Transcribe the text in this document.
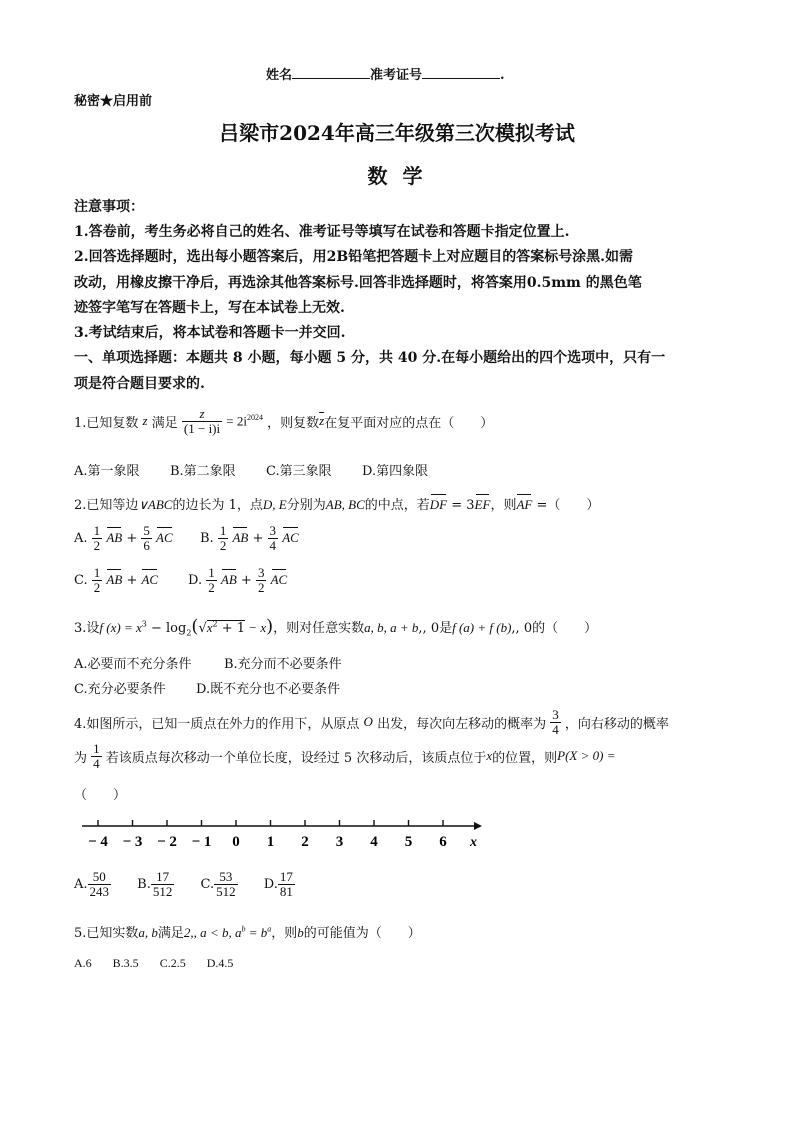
姓名	准考证号	.
秘密★启用前
吕梁市2024年高三年级第三次模拟考试
数 学
注意事项：
1.答卷前，考生务必将自己的姓名、准考证号等填写在试卷和答题卡指定位置上.
2.回答选择题时，选出每小题答案后，用2B铅笔把答题卡上对应题目的答案标号涂黑.如需
改动，用橡皮擦干净后，再选涂其他答案标号.回答非选择题时，将答案用0.5mm 的黑色笔
迹签字笔写在答题卡上，写在本试卷上无效.
3.考试结束后，将本试卷和答题卡一并交回.
一、单项选择题：本题共 8 小题，每小题 5 分，共 40 分.在每小题给出的四个选项中，只有一
项是符合题目要求的.
1.已知复数 z 满足 $\frac{z}{(1 - i)i} = 2i^{2024}$ ，则复数$\overline{z}$在复平面对应的点在（　　）
A.第一象限 B.第二象限 C.第三象限 D.第四象限
2.已知等边∨ABC的边长为 1，点D, E分别为AB, BC的中点，若DF = 3EF，则AF =（　　）
A. $\frac{1}{2}$ AB + $\frac{5}{6}$ AC B. $\frac{1}{2}$ AB + $\frac{3}{4}$ AC
C. $\frac{1}{2}$ AB + AC D. $\frac{1}{2}$ AB + $\frac{3}{2}$ AC
3.设f $(x) = x^3 - \log_2(√x^2 + 1 - x)$，则对任意实数a, b, a + b,, 0是f (a) + f (b),, 0的（　　）
A.必要而不充分条件 B.充分而不必要条件
C.充分必要条件 D.既不充分也不必要条件
4.如图所示，已知一质点在外力的作用下，从原点 O 出发，每次向左移动的概率为 $\frac{3}{4}$ ，向右移动的概率
为 $\frac{1}{4}$ 若该质点每次移动一个单位长度，设经过 5 次移动后，该质点位于x的位置，则P(X > 0) =
（　　）
− 4 − 3 − 2 − 1 0 1 2 3 4 5 6 x
A. $\frac{50}{243} B$. $\frac{17}{512} C$. $\frac{53}{512} D$. $\frac{17}{81}$
5.已知实数a, b满足2,, a < b, $a^b = b^a$，则b的可能值为（　　）
A.6 B.3.5 C.2.5 D.4.5
